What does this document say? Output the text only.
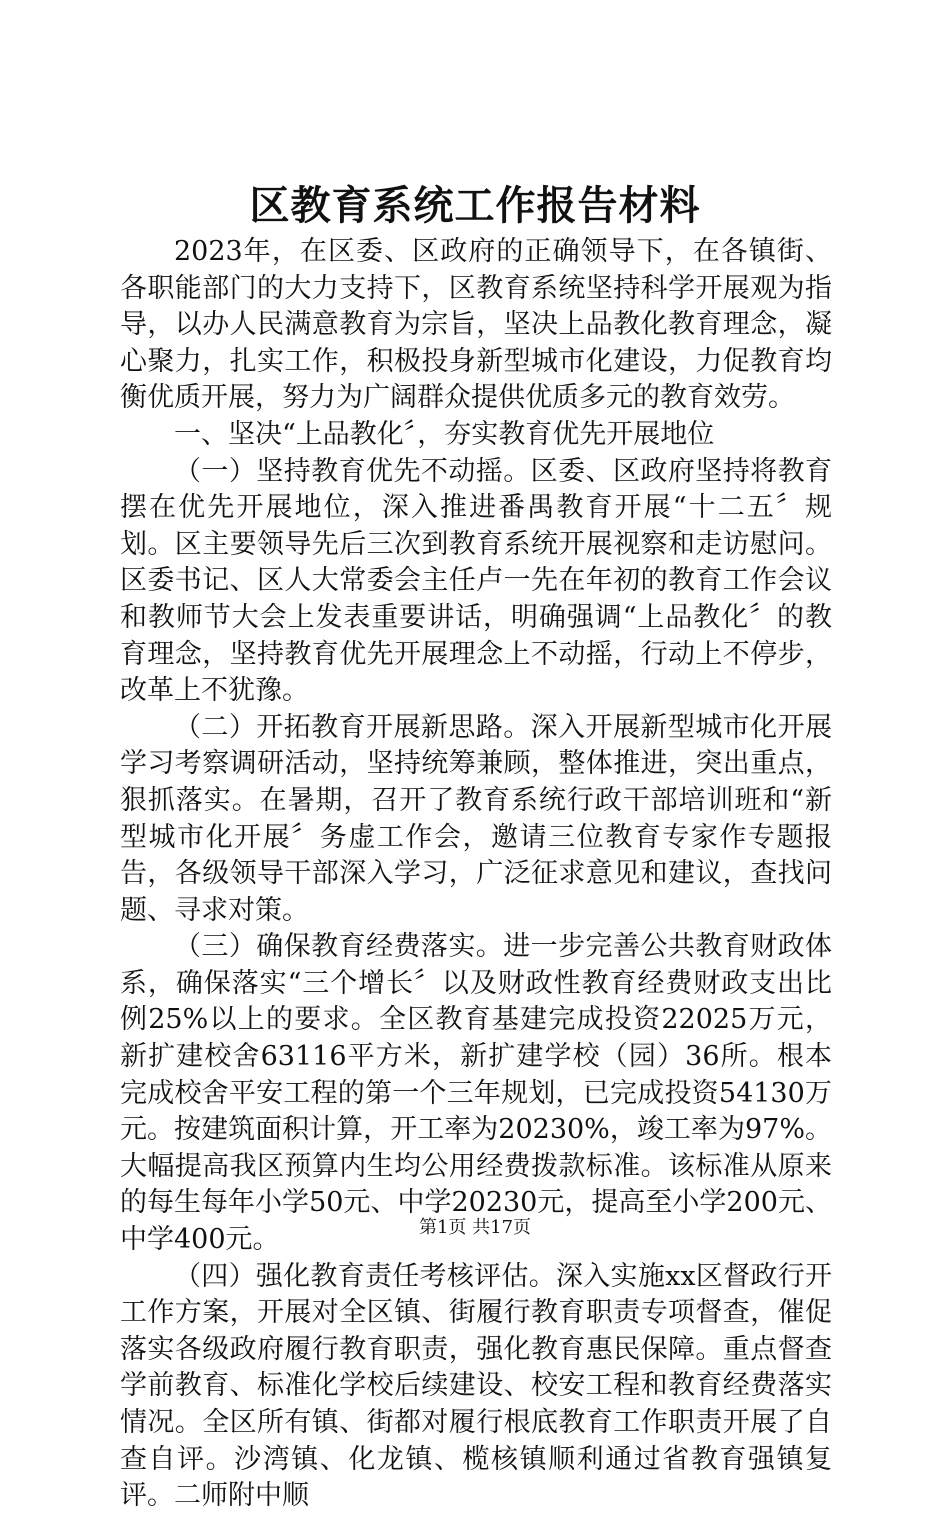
区教育系统工作报告材料

2023年，在区委、区政府的正确领导下，在各镇街、各职能部门的大力支持下，区教育系统坚持科学开展观为指导，以办人民满意教育为宗旨，坚决上品教化教育理念，凝心聚力，扎实工作，积极投身新型城市化建设，力促教育均衡优质开展，努力为广阔群众提供优质多元的教育效劳。

一、坚决“上品教化〞，夯实教育优先开展地位

（一）坚持教育优先不动摇。区委、区政府坚持将教育摆在优先开展地位，深入推进番禺教育开展“十二五〞规划。区主要领导先后三次到教育系统开展视察和走访慰问。区委书记、区人大常委会主任卢一先在年初的教育工作会议和教师节大会上发表重要讲话，明确强调“上品教化〞的教育理念，坚持教育优先开展理念上不动摇，行动上不停步，改革上不犹豫。

（二）开拓教育开展新思路。深入开展新型城市化开展学习考察调研活动，坚持统筹兼顾，整体推进，突出重点，狠抓落实。在暑期，召开了教育系统行政干部培训班和“新型城市化开展〞务虚工作会，邀请三位教育专家作专题报告，各级领导干部深入学习，广泛征求意见和建议，查找问题、寻求对策。

（三）确保教育经费落实。进一步完善公共教育财政体系，确保落实“三个增长〞以及财政性教育经费财政支出比例25%以上的要求。全区教育基建完成投资22025万元，新扩建校舍63116平方米，新扩建学校（园）36所。根本完成校舍平安工程的第一个三年规划，已完成投资54130万元。按建筑面积计算，开工率为20230%，竣工率为97%。大幅提高我区预算内生均公用经费拨款标准。该标准从原来的每生每年小学50元、中学20230元，提高至小学200元、中学400元。

（四）强化教育责任考核评估。深入实施xx区督政行开工作方案，开展对全区镇、街履行教育职责专项督查，催促落实各级政府履行教育职责，强化教育惠民保障。重点督查学前教育、标准化学校后续建设、校安工程和教育经费落实情况。全区所有镇、街都对履行根底教育工作职责开展了自查自评。沙湾镇、化龙镇、榄核镇顺利通过省教育强镇复评。二师附中顺

第1页 共17页
